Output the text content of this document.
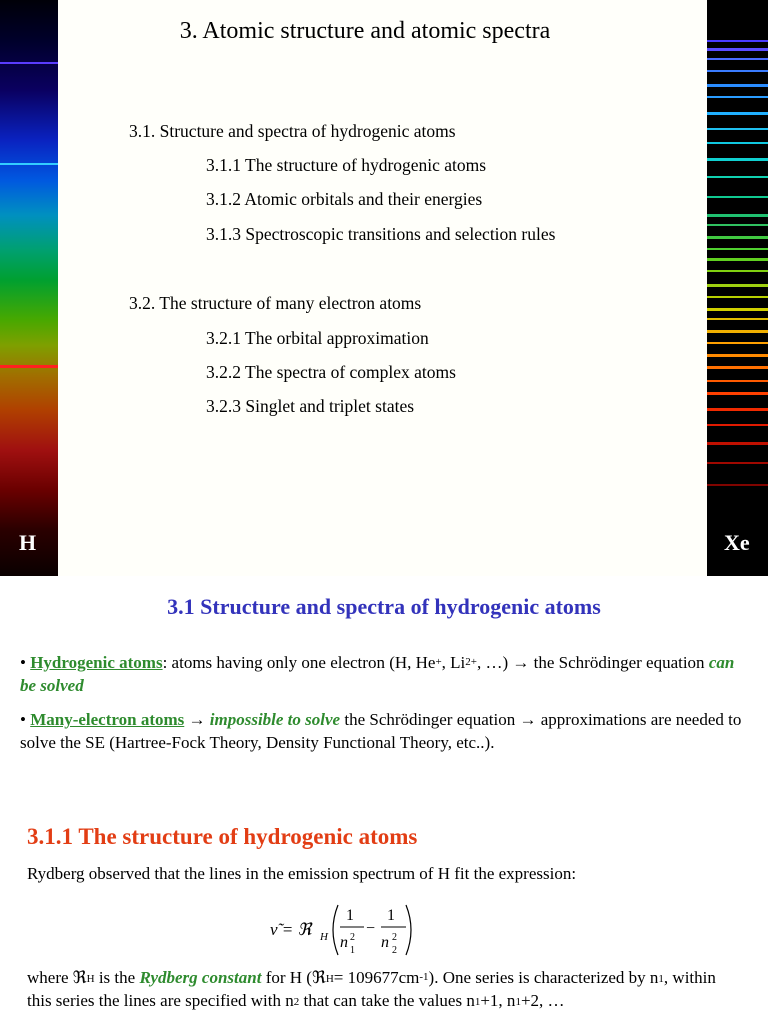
H	Xe
3. Atomic structure and atomic spectra
3.1. Structure and spectra of hydrogenic atoms
3.1.1 The structure of hydrogenic atoms
3.1.2 Atomic orbitals and their energies
3.1.3 Spectroscopic transitions and selection rules
3.2. The structure of many electron atoms
3.2.1 The orbital approximation
3.2.2 The spectra of complex atoms
3.2.3 Singlet and triplet states
3.1 Structure and spectra of hydrogenic atoms
• Hydrogenic atoms: atoms having only one electron (H, He+, $Li^{2+}$, …) → the Schrödinger equation can be solved
• Many-electron atoms → impossible to solve the Schrödinger equation → approximations are needed to solve the SE (Hartree-Fock Theory, Density Functional Theory, etc..).
3.1.1 The structure of hydrogenic atoms
Rydberg observed that the lines in the emission spectrum of H fit the expression:
ν̃ = ℜ H
1
n 2
1
−
1
n 2
2
where ℜ$_H$ is the Rydberg constant for H (ℜ$_H$= $109677cm^{-1}$). One series is characterized by $n_1$, within this series the lines are specified with $n_2$ that can take the values $n_1+1$, $n_1+2$, …
